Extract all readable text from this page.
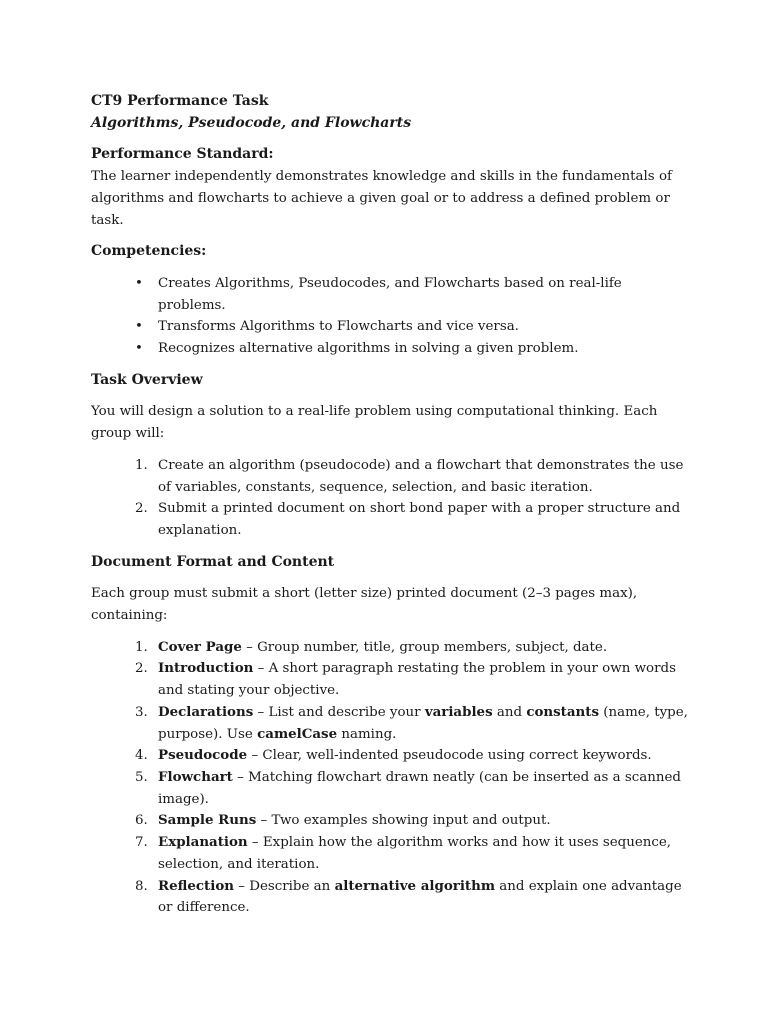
CT9 Performance Task
Algorithms, Pseudocode, and Flowcharts
Performance Standard:

The learner independently demonstrates knowledge and skills in the fundamentals of algorithms and flowcharts to achieve a given goal or to address a defined problem or task.

Competencies:
• Creates Algorithms, Pseudocodes, and Flowcharts based on real-life problems.
• Transforms Algorithms to Flowcharts and vice versa.
• Recognizes alternative algorithms in solving a given problem.
Task Overview

You will design a solution to a real-life problem using computational thinking. Each group will:

1. Create an algorithm (pseudocode) and a flowchart that demonstrates the use of variables, constants, sequence, selection, and basic iteration.
2. Submit a printed document on short bond paper with a proper structure and explanation.
Document Format and Content

Each group must submit a short (letter size) printed document (2–3 pages max), containing:

1. Cover Page – Group number, title, group members, subject, date.
2. Introduction – A short paragraph restating the problem in your own words and stating your objective.
3. Declarations – List and describe your variables and constants (name, type, purpose). Use camelCase naming.
4. Pseudocode – Clear, well-indented pseudocode using correct keywords.
5. Flowchart – Matching flowchart drawn neatly (can be inserted as a scanned image).
6. Sample Runs – Two examples showing input and output.
7. Explanation – Explain how the algorithm works and how it uses sequence, selection, and iteration.
8. Reflection – Describe an alternative algorithm and explain one advantage or difference.
